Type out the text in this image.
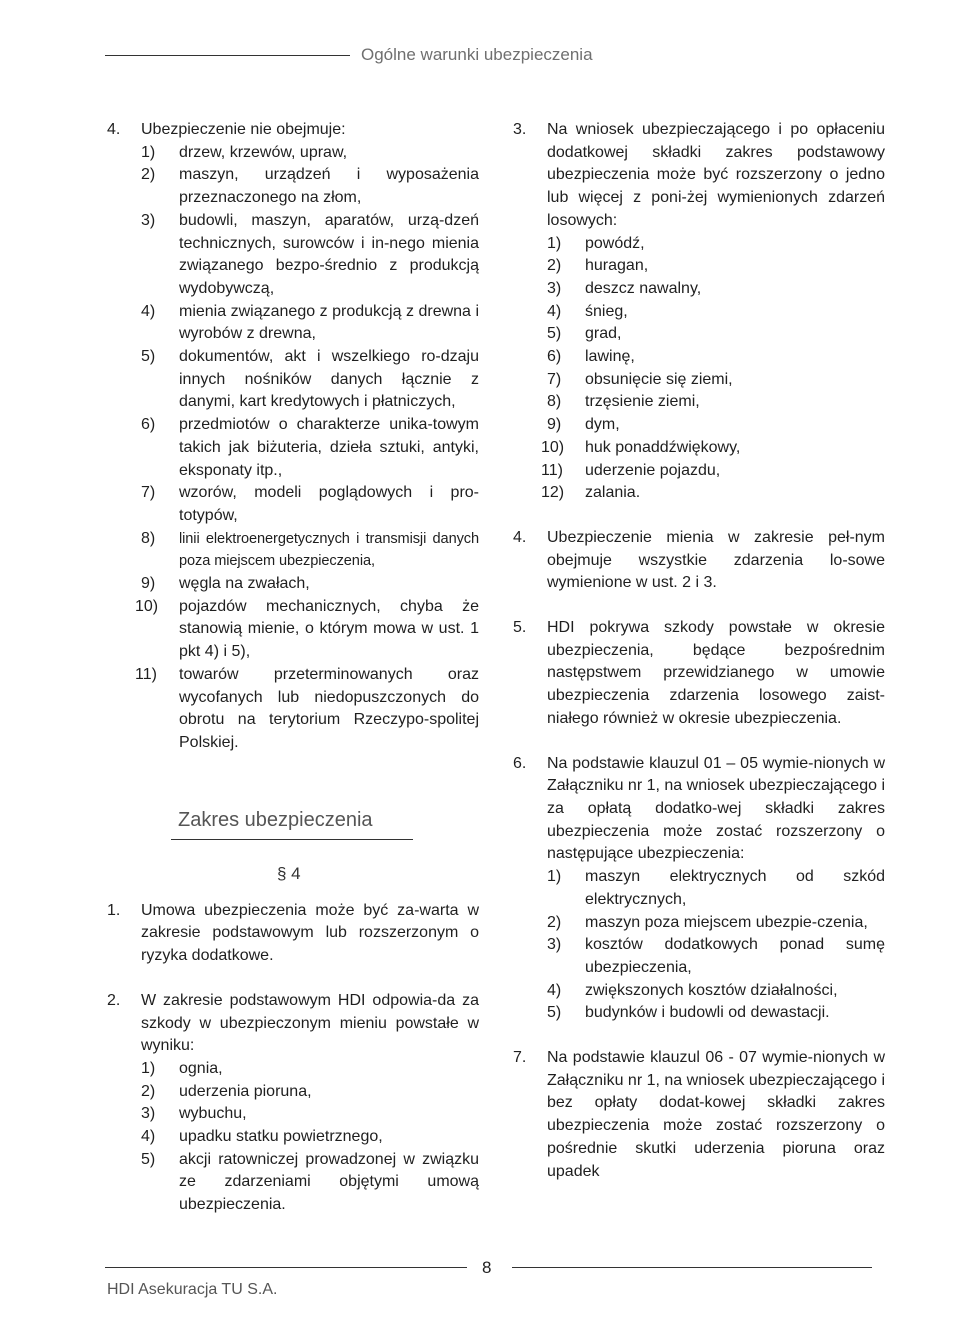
Ogólne warunki ubezpieczenia
4. Ubezpieczenie nie obejmuje:
1) drzew, krzewów, upraw,
2) maszyn, urządzeń i wyposażenia przeznaczonego na złom,
3) budowli, maszyn, aparatów, urzą-dzeń technicznych, surowców i in-nego mienia związanego bezpo-średnio z produkcją wydobywczą,
4) mienia związanego z produkcją z drewna i wyrobów z drewna,
5) dokumentów, akt i wszelkiego ro-dzaju innych nośników danych łącznie z danymi, kart kredytowych i płatniczych,
6) przedmiotów o charakterze unika-towym takich jak biżuteria, dzieła sztuki, antyki, eksponaty itp.,
7) wzorów, modeli poglądowych i pro-totypów,
8) linii elektroenergetycznych i transmisji danych poza miejscem ubezpieczenia,
9) węgla na zwałach,
10) pojazdów mechanicznych, chyba że stanowią mienie, o którym mowa w ust. 1 pkt 4) i 5),
11) towarów przeterminowanych oraz wycofanych lub niedopuszczonych do obrotu na terytorium Rzeczypo-spolitej Polskiej.
Zakres ubezpieczenia
§ 4
1. Umowa ubezpieczenia może być za-warta w zakresie podstawowym lub rozszerzonym o ryzyka dodatkowe.
2. W zakresie podstawowym HDI odpowia-da za szkody w ubezpieczonym mieniu powstałe w wyniku:
1) ognia,
2) uderzenia pioruna,
3) wybuchu,
4) upadku statku powietrznego,
5) akcji ratowniczej prowadzonej w związku ze zdarzeniami objętymi umową ubezpieczenia.
3. Na wniosek ubezpieczającego i po opłaceniu dodatkowej składki zakres podstawowy ubezpieczenia może być rozszerzony o jedno lub więcej z poni-żej wymienionych zdarzeń losowych:
1) powódź,
2) huragan,
3) deszcz nawalny,
4) śnieg,
5) grad,
6) lawinę,
7) obsunięcie się ziemi,
8) trzęsienie ziemi,
9) dym,
10) huk ponaddźwiękowy,
11) uderzenie pojazdu,
12) zalania.
4. Ubezpieczenie mienia w zakresie peł-nym obejmuje wszystkie zdarzenia lo-sowe wymienione w ust. 2 i 3.
5. HDI pokrywa szkody powstałe w okresie ubezpieczenia, będące bezpośrednim następstwem przewidzianego w umowie ubezpieczenia zdarzenia losowego zaist-niałego również w okresie ubezpieczenia.
6. Na podstawie klauzul 01 – 05 wymie-nionych w Załączniku nr 1, na wniosek ubezpieczającego i za opłatą dodatko-wej składki zakres ubezpieczenia może zostać rozszerzony o następujące ubezpieczenia:
1) maszyn elektrycznych od szkód elektrycznych,
2) maszyn poza miejscem ubezpie-czenia,
3) kosztów dodatkowych ponad sumę ubezpieczenia,
4) zwiększonych kosztów działalności,
5) budynków i budowli od dewastacji.
7. Na podstawie klauzul 06 - 07 wymie-nionych w Załączniku nr 1, na wniosek ubezpieczającego i bez opłaty dodat-kowej składki zakres ubezpieczenia może zostać rozszerzony o pośrednie skutki uderzenia pioruna oraz upadek
8
HDI Asekuracja TU S.A.
